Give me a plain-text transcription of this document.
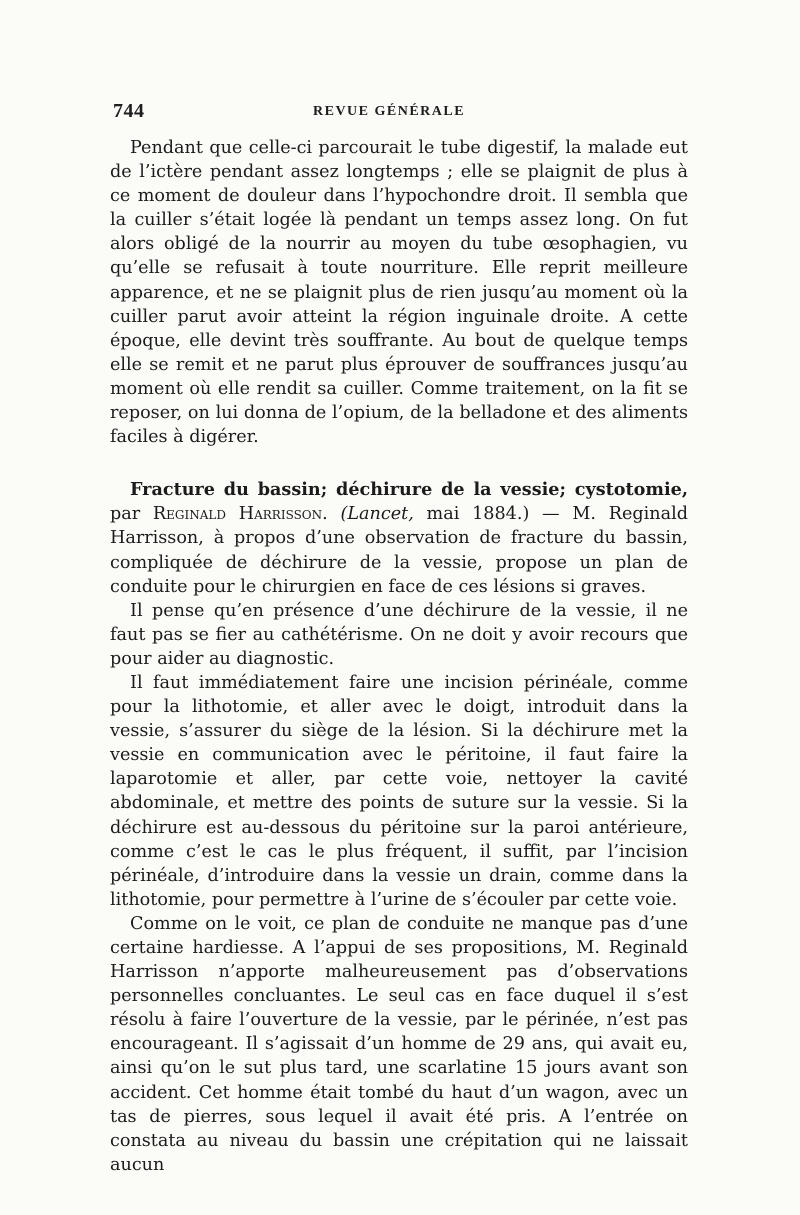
744	REVUE GÉNÉRALE

Pendant que celle-ci parcourait le tube digestif, la malade eut de l’ictère pendant assez longtemps ; elle se plaignit de plus à ce moment de douleur dans l’hypochondre droit. Il sembla que la cuiller s’était logée là pendant un temps assez long. On fut alors obligé de la nourrir au moyen du tube œsophagien, vu qu’elle se refusait à toute nourriture. Elle reprit meilleure apparence, et ne se plaignit plus de rien jusqu’au moment où la cuiller parut avoir atteint la région inguinale droite. A cette époque, elle devint très souffrante. Au bout de quelque temps elle se remit et ne parut plus éprouver de souffrances jusqu’au moment où elle rendit sa cuiller. Comme traitement, on la fit se reposer, on lui donna de l’opium, de la belladone et des aliments faciles à digérer.

Fracture du bassin; déchirure de la vessie; cystotomie, par Reginald Harrisson. (Lancet, mai 1884.) — M. Reginald Harrisson, à propos d’une observation de fracture du bassin, compliquée de déchirure de la vessie, propose un plan de conduite pour le chirurgien en face de ces lésions si graves.

Il pense qu’en présence d’une déchirure de la vessie, il ne faut pas se fier au cathétérisme. On ne doit y avoir recours que pour aider au diagnostic.

Il faut immédiatement faire une incision périnéale, comme pour la lithotomie, et aller avec le doigt, introduit dans la vessie, s’assurer du siège de la lésion. Si la déchirure met la vessie en communication avec le péritoine, il faut faire la laparotomie et aller, par cette voie, nettoyer la cavité abdominale, et mettre des points de suture sur la vessie. Si la déchirure est au-dessous du péritoine sur la paroi antérieure, comme c’est le cas le plus fréquent, il suffit, par l’incision périnéale, d’introduire dans la vessie un drain, comme dans la lithotomie, pour permettre à l’urine de s’écouler par cette voie.

Comme on le voit, ce plan de conduite ne manque pas d’une certaine hardiesse. A l’appui de ses propositions, M. Reginald Harrisson n’apporte malheureusement pas d’observations personnelles concluantes. Le seul cas en face duquel il s’est résolu à faire l’ouverture de la vessie, par le périnée, n’est pas encourageant. Il s’agissait d’un homme de 29 ans, qui avait eu, ainsi qu’on le sut plus tard, une scarlatine 15 jours avant son accident. Cet homme était tombé du haut d’un wagon, avec un tas de pierres, sous lequel il avait été pris. A l’entrée on constata au niveau du bassin une crépitation qui ne laissait aucun
